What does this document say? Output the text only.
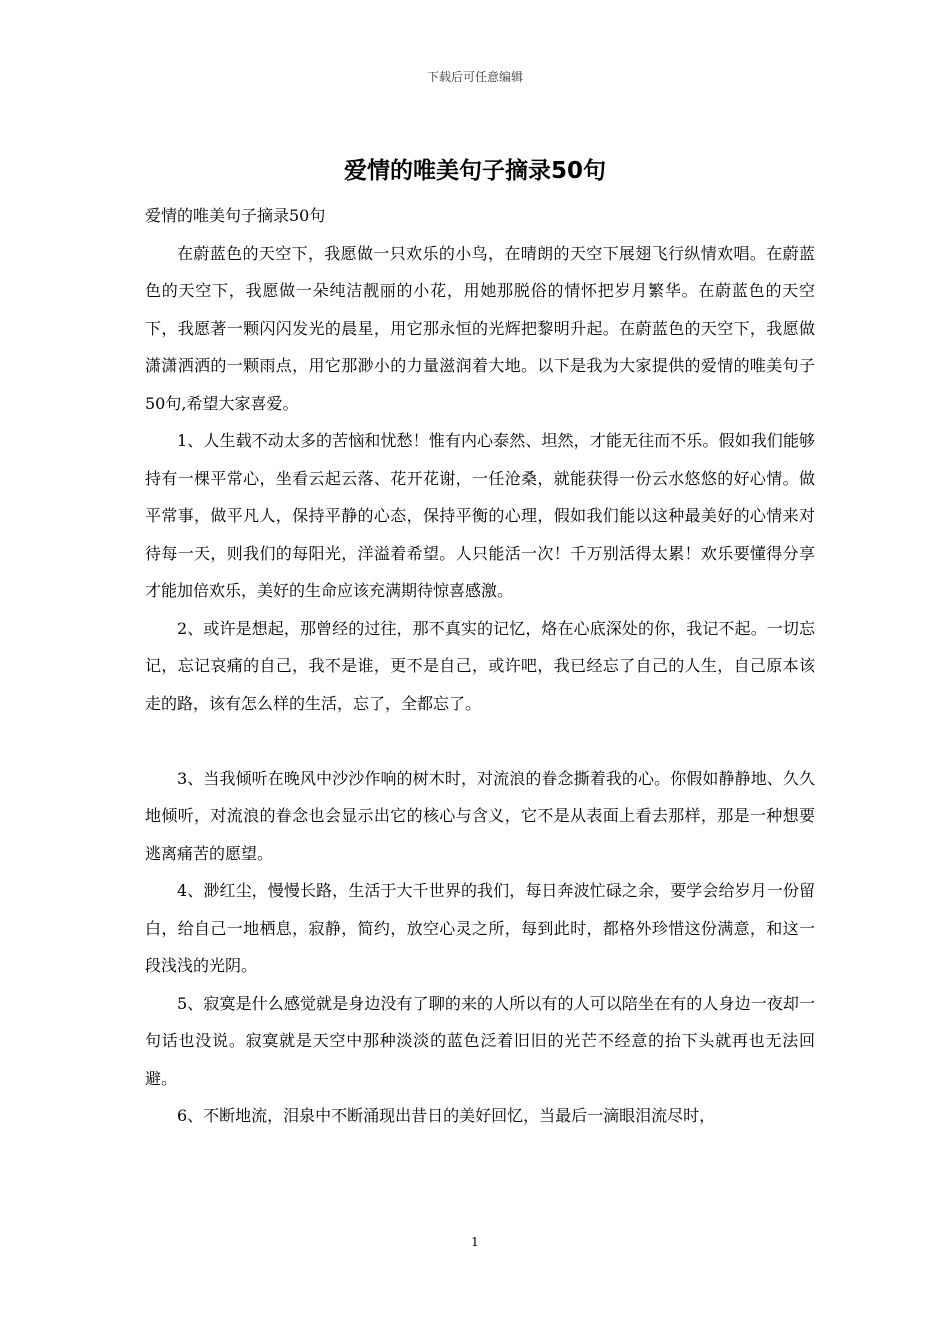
下载后可任意编辑
爱情的唯美句子摘录50句

爱情的唯美句子摘录50句

在蔚蓝色的天空下，我愿做一只欢乐的小鸟，在晴朗的天空下展翅飞行纵情欢唱。在蔚蓝色的天空下，我愿做一朵纯洁靓丽的小花，用她那脱俗的情怀把岁月繁华。在蔚蓝色的天空下，我愿著一颗闪闪发光的晨星，用它那永恒的光辉把黎明升起。在蔚蓝色的天空下，我愿做潇潇洒洒的一颗雨点，用它那渺小的力量滋润着大地。以下是我为大家提供的爱情的唯美句子50句,希望大家喜爱。

1、人生载不动太多的苦恼和忧愁！惟有内心泰然、坦然，才能无往而不乐。假如我们能够持有一棵平常心，坐看云起云落、花开花谢，一任沧桑，就能获得一份云水悠悠的好心情。做平常事，做平凡人，保持平静的心态，保持平衡的心理，假如我们能以这种最美好的心情来对待每一天，则我们的每阳光，洋溢着希望。人只能活一次！千万别活得太累！欢乐要懂得分享才能加倍欢乐，美好的生命应该充满期待惊喜感激。

2、或许是想起，那曾经的过往，那不真实的记忆，烙在心底深处的你，我记不起。一切忘记，忘记哀痛的自己，我不是谁，更不是自己，或许吧，我已经忘了自己的人生，自己原本该走的路，该有怎么样的生活，忘了，全都忘了。

3、当我倾听在晚风中沙沙作响的树木时，对流浪的眷念撕着我的心。你假如静静地、久久地倾听，对流浪的眷念也会显示出它的核心与含义，它不是从表面上看去那样，那是一种想要逃离痛苦的愿望。

4、渺红尘，慢慢长路，生活于大千世界的我们，每日奔波忙碌之余，要学会给岁月一份留白，给自己一地栖息，寂静，简约，放空心灵之所，每到此时，都格外珍惜这份满意，和这一段浅浅的光阴。

5、寂寞是什么感觉就是身边没有了聊的来的人所以有的人可以陪坐在有的人身边一夜却一句话也没说。寂寞就是天空中那种淡淡的蓝色泛着旧旧的光芒不经意的抬下头就再也无法回避。

6、不断地流，泪泉中不断涌现出昔日的美好回忆，当最后一滴眼泪流尽时，

1
